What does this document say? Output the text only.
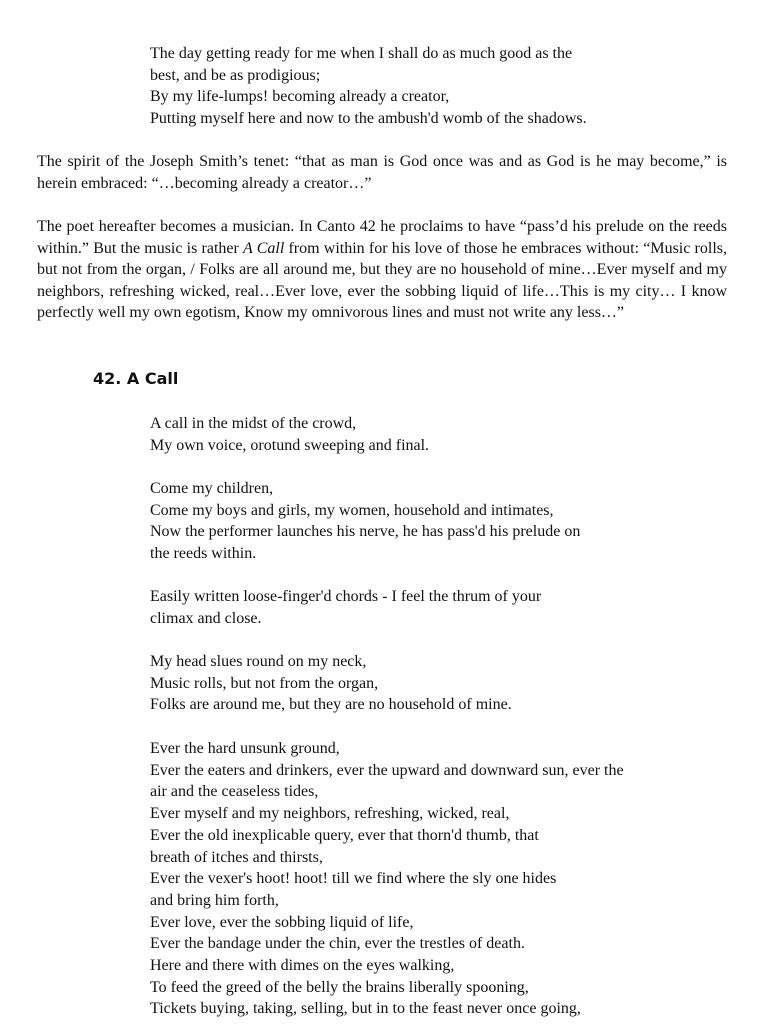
The day getting ready for me when I shall do as much good as the
best, and be as prodigious;
By my life-lumps! becoming already a creator,
Putting myself here and now to the ambush'd womb of the shadows.

The spirit of the Joseph Smith’s tenet: “that as man is God once was and as God is he may become,” is herein embraced: “…becoming already a creator…”

The poet hereafter becomes a musician. In Canto 42 he proclaims to have “pass’d his prelude on the reeds within.” But the music is rather A Call from within for his love of those he embraces without: “Music rolls, but not from the organ, / Folks are all around me, but they are no household of mine…Ever myself and my neighbors, refreshing wicked, real…Ever love, ever the sobbing liquid of life…This is my city… I know perfectly well my own egotism, Know my omnivorous lines and must not write any less…”

42. A Call
A call in the midst of the crowd,
My own voice, orotund sweeping and final.
Come my children,
Come my boys and girls, my women, household and intimates,
Now the performer launches his nerve, he has pass'd his prelude on
the reeds within.
Easily written loose-finger'd chords - I feel the thrum of your
climax and close.
My head slues round on my neck,
Music rolls, but not from the organ,
Folks are around me, but they are no household of mine.
Ever the hard unsunk ground,
Ever the eaters and drinkers, ever the upward and downward sun, ever the
air and the ceaseless tides,
Ever myself and my neighbors, refreshing, wicked, real,
Ever the old inexplicable query, ever that thorn'd thumb, that
breath of itches and thirsts,
Ever the vexer's hoot! hoot! till we find where the sly one hides
and bring him forth,
Ever love, ever the sobbing liquid of life,
Ever the bandage under the chin, ever the trestles of death.
Here and there with dimes on the eyes walking,
To feed the greed of the belly the brains liberally spooning,
Tickets buying, taking, selling, but in to the feast never once going,
